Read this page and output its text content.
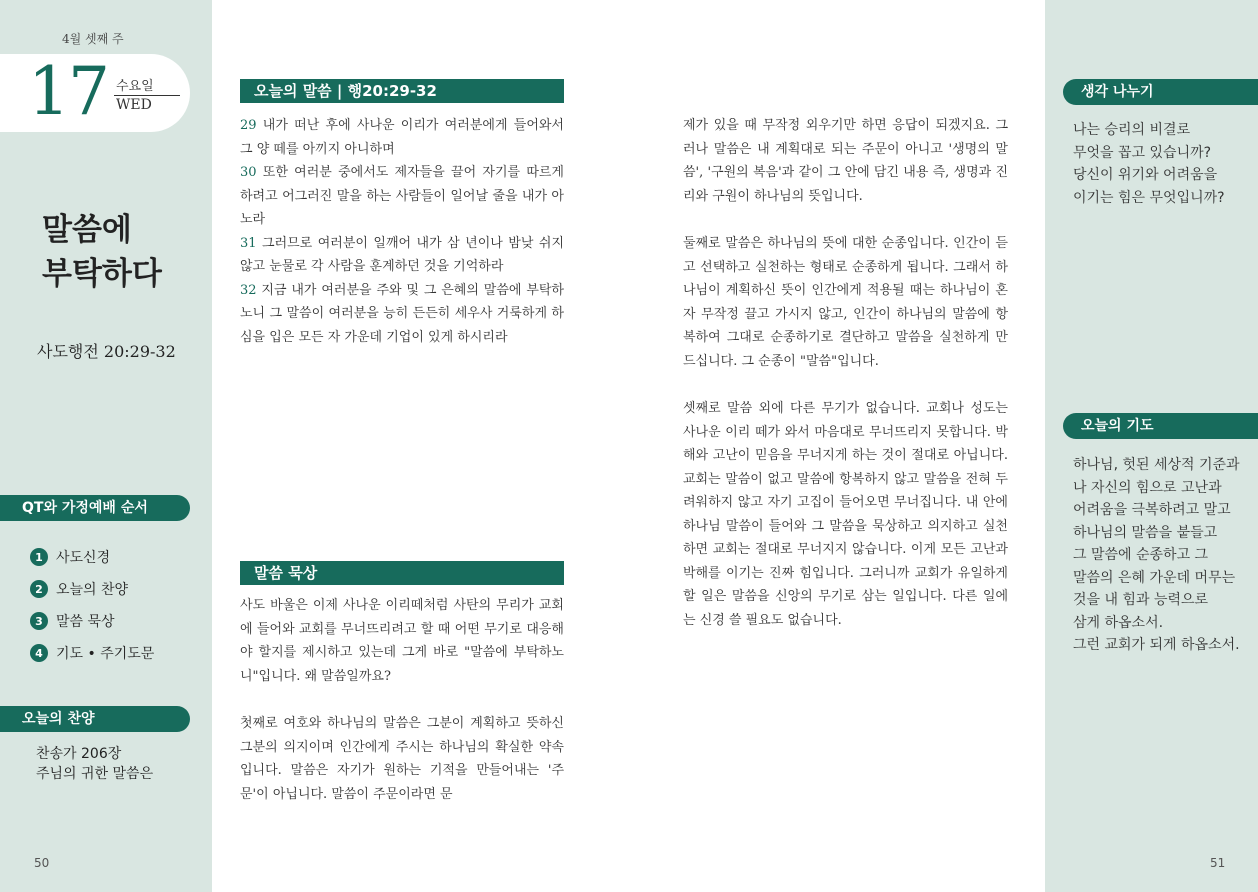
4월 셋째 주
17 수요일
WED
말씀에
부탁하다
사도행전 20:29-32
QT와 가정예배 순서
1 사도신경
2 오늘의 찬양
3 말씀 묵상
4 기도 • 주기도문
오늘의 찬양
찬송가 206장
주님의 귀한 말씀은
50
오늘의 말씀 | 행20:29-32
29 내가 떠난 후에 사나운 이리가 여러분에게 들어와서 그 양 떼를 아끼지 아니하며
30 또한 여러분 중에서도 제자들을 끌어 자기를 따르게 하려고 어그러진 말을 하는 사람들이 일어날 줄을 내가 아노라
31 그러므로 여러분이 일깨어 내가 삼 년이나 밤낮 쉬지 않고 눈물로 각 사람을 훈계하던 것을 기억하라
32 지금 내가 여러분을 주와 및 그 은혜의 말씀에 부탁하노니 그 말씀이 여러분을 능히 든든히 세우사 거룩하게 하심을 입은 모든 자 가운데 기업이 있게 하시리라
말씀 묵상

사도 바울은 이제 사나운 이리떼처럼 사탄의 무리가 교회에 들어와 교회를 무너뜨리려고 할 때 어떤 무기로 대응해야 할지를 제시하고 있는데 그게 바로 "말씀에 부탁하노니"입니다. 왜 말씀일까요?

첫째로 여호와 하나님의 말씀은 그분이 계획하고 뜻하신 그분의 의지이며 인간에게 주시는 하나님의 확실한 약속입니다. 말씀은 자기가 원하는 기적을 만들어내는 '주문'이 아닙니다. 말씀이 주문이라면 문

제가 있을 때 무작정 외우기만 하면 응답이 되겠지요. 그러나 말씀은 내 계획대로 되는 주문이 아니고 '생명의 말씀', '구원의 복음'과 같이 그 안에 담긴 내용 즉, 생명과 진리와 구원이 하나님의 뜻입니다.

둘째로 말씀은 하나님의 뜻에 대한 순종입니다. 인간이 듣고 선택하고 실천하는 형태로 순종하게 됩니다. 그래서 하나님이 계획하신 뜻이 인간에게 적용될 때는 하나님이 혼자 무작정 끌고 가시지 않고, 인간이 하나님의 말씀에 항복하여 그대로 순종하기로 결단하고 말씀을 실천하게 만드십니다. 그 순종이 "말씀"입니다.

셋째로 말씀 외에 다른 무기가 없습니다. 교회나 성도는 사나운 이리 떼가 와서 마음대로 무너뜨리지 못합니다. 박해와 고난이 믿음을 무너지게 하는 것이 절대로 아닙니다. 교회는 말씀이 없고 말씀에 항복하지 않고 말씀을 전혀 두려워하지 않고 자기 고집이 들어오면 무너집니다. 내 안에 하나님 말씀이 들어와 그 말씀을 묵상하고 의지하고 실천하면 교회는 절대로 무너지지 않습니다. 이게 모든 고난과 박해를 이기는 진짜 힘입니다. 그러니까 교회가 유일하게 할 일은 말씀을 신앙의 무기로 삼는 일입니다. 다른 일에는 신경 쓸 필요도 없습니다.

생각 나누기
나는 승리의 비결로
무엇을 꼽고 있습니까?
당신이 위기와 어려움을
이기는 힘은 무엇입니까?
오늘의 기도
하나님, 헛된 세상적 기준과
나 자신의 힘으로 고난과
어려움을 극복하려고 말고
하나님의 말씀을 붙들고
그 말씀에 순종하고 그
말씀의 은혜 가운데 머무는
것을 내 힘과 능력으로
삼게 하옵소서.
그런 교회가 되게 하옵소서.
51
